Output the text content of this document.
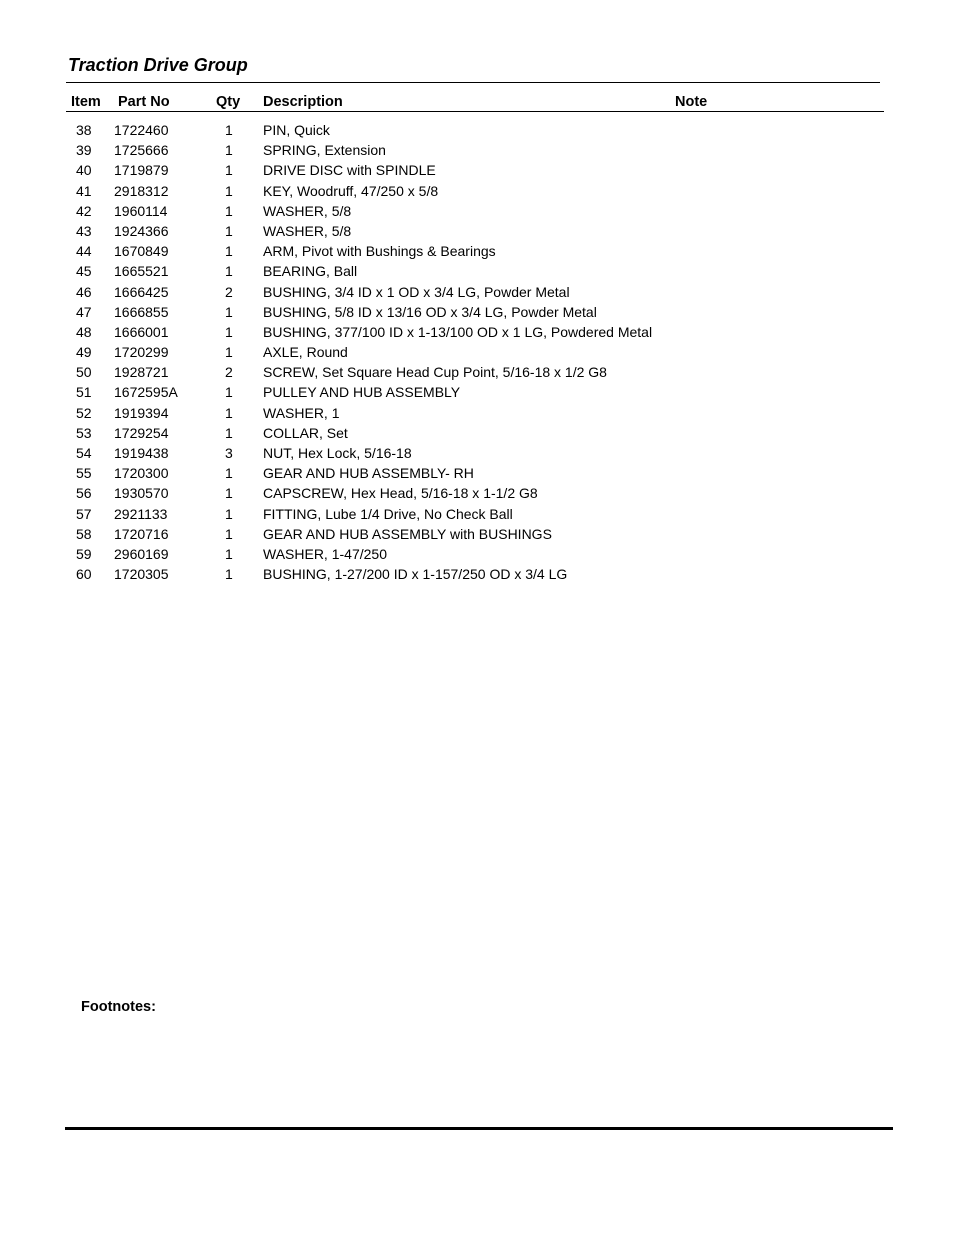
Traction Drive Group
Item Part No	Qty Description	Note
38 1722460	1 PIN, Quick
39 1725666	1 SPRING, Extension
40 1719879	1 DRIVE DISC with SPINDLE
41 2918312	1 KEY, Woodruff, 47/250 x 5/8
42 1960114	1 WASHER, 5/8
43 1924366	1 WASHER, 5/8
44 1670849	1 ARM, Pivot with Bushings & Bearings
45 1665521	1 BEARING, Ball
46 1666425	2 BUSHING, 3/4 ID x 1 OD x 3/4 LG, Powder Metal
47 1666855	1 BUSHING, 5/8 ID x 13/16 OD x 3/4 LG, Powder Metal
48 1666001	1 BUSHING, 377/100 ID x 1-13/100 OD x 1 LG, Powdered Metal
49 1720299	1 AXLE, Round
50 1928721	2 SCREW, Set Square Head Cup Point, 5/16-18 x 1/2 G8
51 1672595A	1 PULLEY AND HUB ASSEMBLY
52 1919394	1 WASHER, 1
53 1729254	1 COLLAR, Set
54 1919438	3 NUT, Hex Lock, 5/16-18
55 1720300	1 GEAR AND HUB ASSEMBLY- RH
56 1930570	1 CAPSCREW, Hex Head, 5/16-18 x 1-1/2 G8
57 2921133	1 FITTING, Lube 1/4 Drive, No Check Ball
58 1720716	1 GEAR AND HUB ASSEMBLY with BUSHINGS
59 2960169	1 WASHER, 1-47/250
60 1720305	1 BUSHING, 1-27/200 ID x 1-157/250 OD x 3/4 LG
Footnotes:
